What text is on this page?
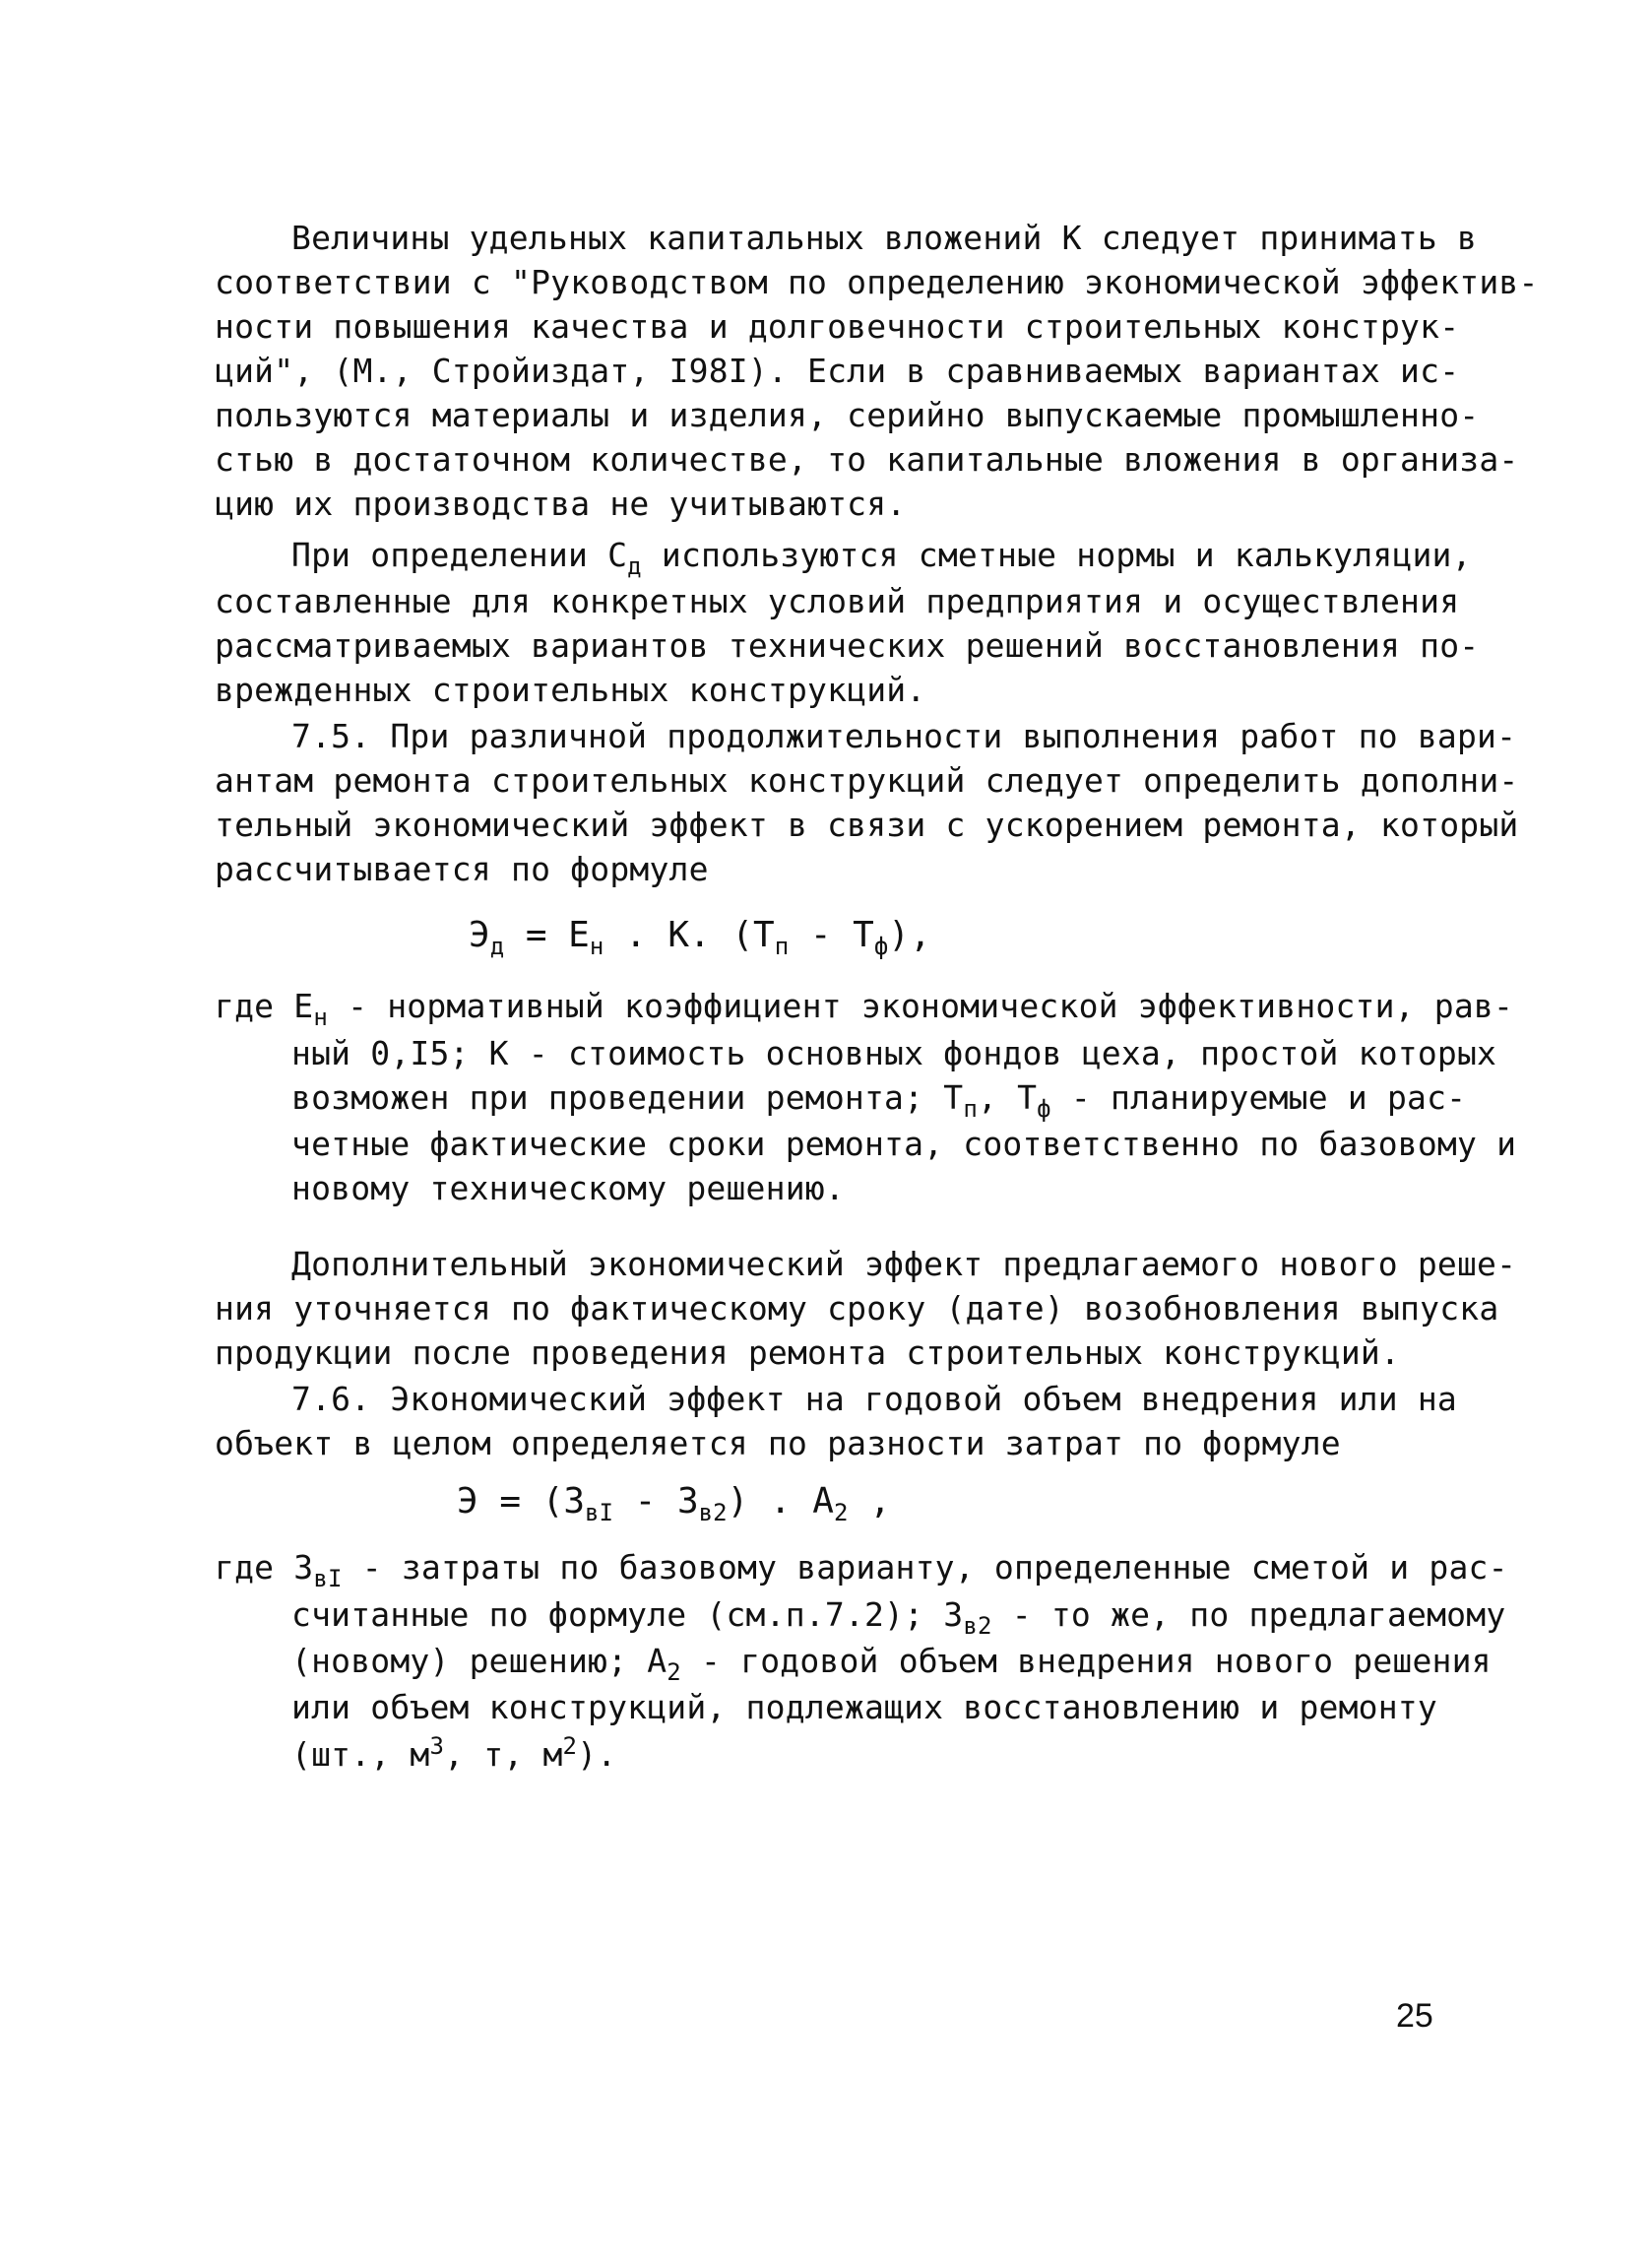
Величины удельных капитальных вложений К следует принимать в
соответствии с "Руководством по определению экономической эффектив-
ности повышения качества и долговечности строительных конструк-
ций", (М., Стройиздат, I98I). Если в сравниваемых вариантах ис-
пользуются материалы и изделия, серийно выпускаемые промышленно-
стью в достаточном количестве, то капитальные вложения в организа-
цию их производства не учитываются.
При определении $С_д$ используются сметные нормы и калькуляции,
составленные для конкретных условий предприятия и осуществления
рассматриваемых вариантов технических решений восстановления по-
врежденных строительных конструкций.
7.5. При различной продолжительности выполнения работ по вари-
антам ремонта строительных конструкций следует определить дополни-
тельный экономический эффект в связи с ускорением ремонта, который
рассчитывается по формуле
$Э_д = Е_н$ . К. $(Т_п - Т_ф)$,
где $Е_н$ - нормативный коэффициент экономической эффективности, рав-
ный 0,I5; К - стоимость основных фондов цеха, простой которых
возможен при проведении ремонта; $Т_п$, $Т_ф$ - планируемые и рас-
четные фактические сроки ремонта, соответственно по базовому и
новому техническому решению.
Дополнительный экономический эффект предлагаемого нового реше-
ния уточняется по фактическому сроку (дате) возобновления выпуска
продукции после проведения ремонта строительных конструкций.
7.6. Экономический эффект на годовой объем внедрения или на
объект в целом определяется по разности затрат по формуле
$Э = (З_{вI} - З_{в2})$ . $А_2$ ,
где $З_{вI}$ - затраты по базовому варианту, определенные сметой и рас-
считанные по формуле (см.п.7.2); $З_{в2}$ - то же, по предлагаемому
(новому) решению; $А_2$ - годовой объем внедрения нового решения
или объем конструкций, подлежащих восстановлению и ремонту
(шт., $м^3$, т, $м^2$).
25
